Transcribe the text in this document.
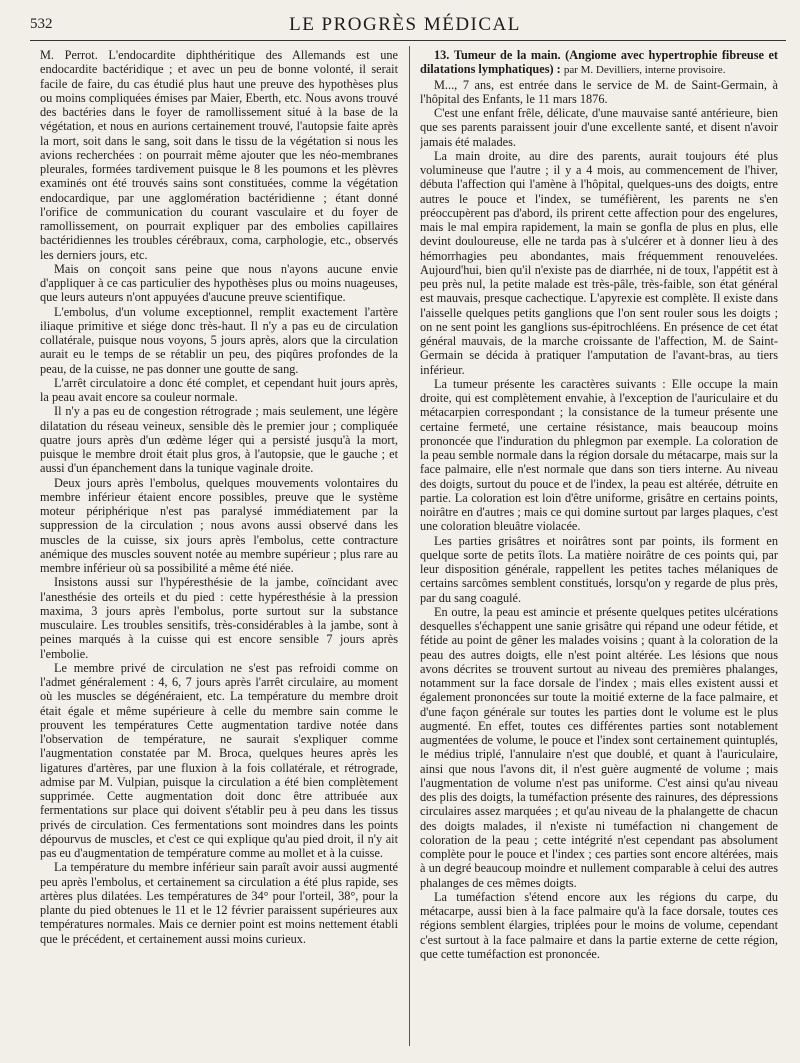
532	LE PROGRÈS MÉDICAL

M. Perrot. L'endocardite diphthéritique des Allemands est une endocardite bactéridique ; et avec un peu de bonne volonté, il serait facile de faire, du cas étudié plus haut une preuve des hypothèses plus ou moins compliquées émises par Maier, Eberth, etc. Nous avons trouvé des bactéries dans le foyer de ramollissement situé à la base de la végétation, et nous en aurions certainement trouvé, l'autopsie faite après la mort, soit dans le sang, soit dans le tissu de la végétation si nous les avions recherchées : on pourrait même ajouter que les néo-membranes pleurales, formées tardivement puisque le 8 les poumons et les plèvres examinés ont été trouvés sains sont constituées, comme la végétation endocardique, par une agglomération bactéridienne ; étant donné l'orifice de communication du courant vasculaire et du foyer de ramollissement, on pourrait expliquer par des embolies capillaires bactéridiennes les troubles cérébraux, coma, carphologie, etc., observés les derniers jours, etc.

Mais on conçoit sans peine que nous n'ayons aucune envie d'appliquer à ce cas particulier des hypothèses plus ou moins nuageuses, que leurs auteurs n'ont appuyées d'aucune preuve scientifique.

L'embolus, d'un volume exceptionnel, remplit exactement l'artère iliaque primitive et siége donc très-haut. Il n'y a pas eu de circulation collatérale, puisque nous voyons, 5 jours après, alors que la circulation aurait eu le temps de se rétablir un peu, des piqûres profondes de la peau, de la cuisse, ne pas donner une goutte de sang.

L'arrêt circulatoire a donc été complet, et cependant huit jours après, la peau avait encore sa couleur normale.

Il n'y a pas eu de congestion rétrograde ; mais seulement, une légère dilatation du réseau veineux, sensible dès le premier jour ; compliquée quatre jours après d'un œdème léger qui a persisté jusqu'à la mort, puisque le membre droit était plus gros, à l'autopsie, que le gauche ; et aussi d'un épanchement dans la tunique vaginale droite.

Deux jours après l'embolus, quelques mouvements volontaires du membre inférieur étaient encore possibles, preuve que le système moteur périphérique n'est pas paralysé immédiatement par la suppression de la circulation ; nous avons aussi observé dans les muscles de la cuisse, six jours après l'embolus, cette contracture anémique des muscles souvent notée au membre supérieur ; plus rare au membre inférieur où sa possibilité a même été niée.

Insistons aussi sur l'hypéresthésie de la jambe, coïncidant avec l'anesthésie des orteils et du pied : cette hypéresthésie à la pression maxima, 3 jours après l'embolus, porte surtout sur la substance musculaire. Les troubles sensitifs, très-considérables à la jambe, sont à peines marqués à la cuisse qui est encore sensible 7 jours après l'embolie.

Le membre privé de circulation ne s'est pas refroidi comme on l'admet généralement : 4, 6, 7 jours après l'arrêt circulaire, au moment où les muscles se dégénéraient, etc. La température du membre droit était égale et même supérieure à celle du membre sain comme le prouvent les températures Cette augmentation tardive notée dans l'observation de température, ne saurait s'expliquer comme l'augmentation constatée par M. Broca, quelques heures après les ligatures d'artères, par une fluxion à la fois collatérale, et rétrograde, admise par M. Vulpian, puisque la circulation a été bien complètement supprimée. Cette augmentation doit donc être attribuée aux fermentations sur place qui doivent s'établir peu à peu dans les tissus privés de circulation. Ces fermentations sont moindres dans les points dépourvus de muscles, et c'est ce qui explique qu'au pied droit, il n'y ait pas eu d'augmentation de température comme au mollet et à la cuisse.

La température du membre inférieur sain paraît avoir aussi augmenté peu après l'embolus, et certainement sa circulation a été plus rapide, ses artères plus dilatées. Les températures de 34° pour l'orteil, 38°, pour la plante du pied obtenues le 11 et le 12 février paraissent supérieures aux températures normales. Mais ce dernier point est moins nettement établi que le précédent, et certainement aussi moins curieux.

13. Tumeur de la main. (Angiome avec hypertrophie fibreuse et dilatations lymphatiques) : par M. Devilliers, interne provisoire.

M..., 7 ans, est entrée dans le service de M. de Saint-Germain, à l'hôpital des Enfants, le 11 mars 1876.

C'est une enfant frêle, délicate, d'une mauvaise santé antérieure, bien que ses parents paraissent jouir d'une excellente santé, et disent n'avoir jamais été malades.

La main droite, au dire des parents, aurait toujours été plus volumineuse que l'autre ; il y a 4 mois, au commencement de l'hiver, débuta l'affection qui l'amène à l'hôpital, quelques-uns des doigts, entre autres le pouce et l'index, se tuméfièrent, les parents ne s'en préoccupèrent pas d'abord, ils prirent cette affection pour des engelures, mais le mal empira rapidement, la main se gonfla de plus en plus, elle devint douloureuse, elle ne tarda pas à s'ulcérer et à donner lieu à des hémorrhagies peu abondantes, mais fréquemment renouvelées. Aujourd'hui, bien qu'il n'existe pas de diarrhée, ni de toux, l'appétit est à peu près nul, la petite malade est très-pâle, très-faible, son état général est mauvais, presque cachectique. L'apyrexie est complète. Il existe dans l'aisselle quelques petits ganglions que l'on sent rouler sous les doigts ; on ne sent point les ganglions sus-épitrochléens. En présence de cet état général mauvais, de la marche croissante de l'affection, M. de Saint-Germain se décida à pratiquer l'amputation de l'avant-bras, au tiers inférieur.

La tumeur présente les caractères suivants : Elle occupe la main droite, qui est complètement envahie, à l'exception de l'auriculaire et du métacarpien correspondant ; la consistance de la tumeur présente une certaine fermeté, une certaine résistance, mais beaucoup moins prononcée que l'induration du phlegmon par exemple. La coloration de la peau semble normale dans la région dorsale du métacarpe, mais sur la face palmaire, elle n'est normale que dans son tiers interne. Au niveau des doigts, surtout du pouce et de l'index, la peau est altérée, détruite en partie. La coloration est loin d'être uniforme, grisâtre en certains points, noirâtre en d'autres ; mais ce qui domine surtout par larges plaques, c'est une coloration bleuâtre violacée.

Les parties grisâtres et noirâtres sont par points, ils forment en quelque sorte de petits îlots. La matière noirâtre de ces points qui, par leur disposition générale, rappellent les petites taches mélaniques de certains sarcômes semblent constitués, lorsqu'on y regarde de plus près, par du sang coagulé.

En outre, la peau est amincie et présente quelques petites ulcérations desquelles s'échappent une sanie grisâtre qui répand une odeur fétide, et fétide au point de gêner les malades voisins ; quant à la coloration de la peau des autres doigts, elle n'est point altérée. Les lésions que nous avons décrites se trouvent surtout au niveau des premières phalanges, notamment sur la face dorsale de l'index ; mais elles existent aussi et également prononcées sur toute la moitié externe de la face palmaire, et d'une façon générale sur toutes les parties dont le volume est le plus augmenté. En effet, toutes ces différentes parties sont notablement augmentées de volume, le pouce et l'index sont certainement quintuplés, le médius triplé, l'annulaire n'est que doublé, et quant à l'auriculaire, ainsi que nous l'avons dit, il n'est guère augmenté de volume ; mais l'augmentation de volume n'est pas uniforme. C'est ainsi qu'au niveau des plis des doigts, la tuméfaction présente des rainures, des dépressions circulaires assez marquées ; et qu'au niveau de la phalangette de chacun des doigts malades, il n'existe ni tuméfaction ni changement de coloration de la peau ; cette intégrité n'est cependant pas absolument complète pour le pouce et l'index ; ces parties sont encore altérées, mais à un degré beaucoup moindre et nullement comparable à celui des autres phalanges de ces mêmes doigts.

La tuméfaction s'étend encore aux les régions du carpe, du métacarpe, aussi bien à la face palmaire qu'à la face dorsale, toutes ces régions semblent élargies, triplées pour le moins de volume, cependant c'est surtout à la face palmaire et dans la partie externe de cette région, que cette tuméfaction est prononcée.
